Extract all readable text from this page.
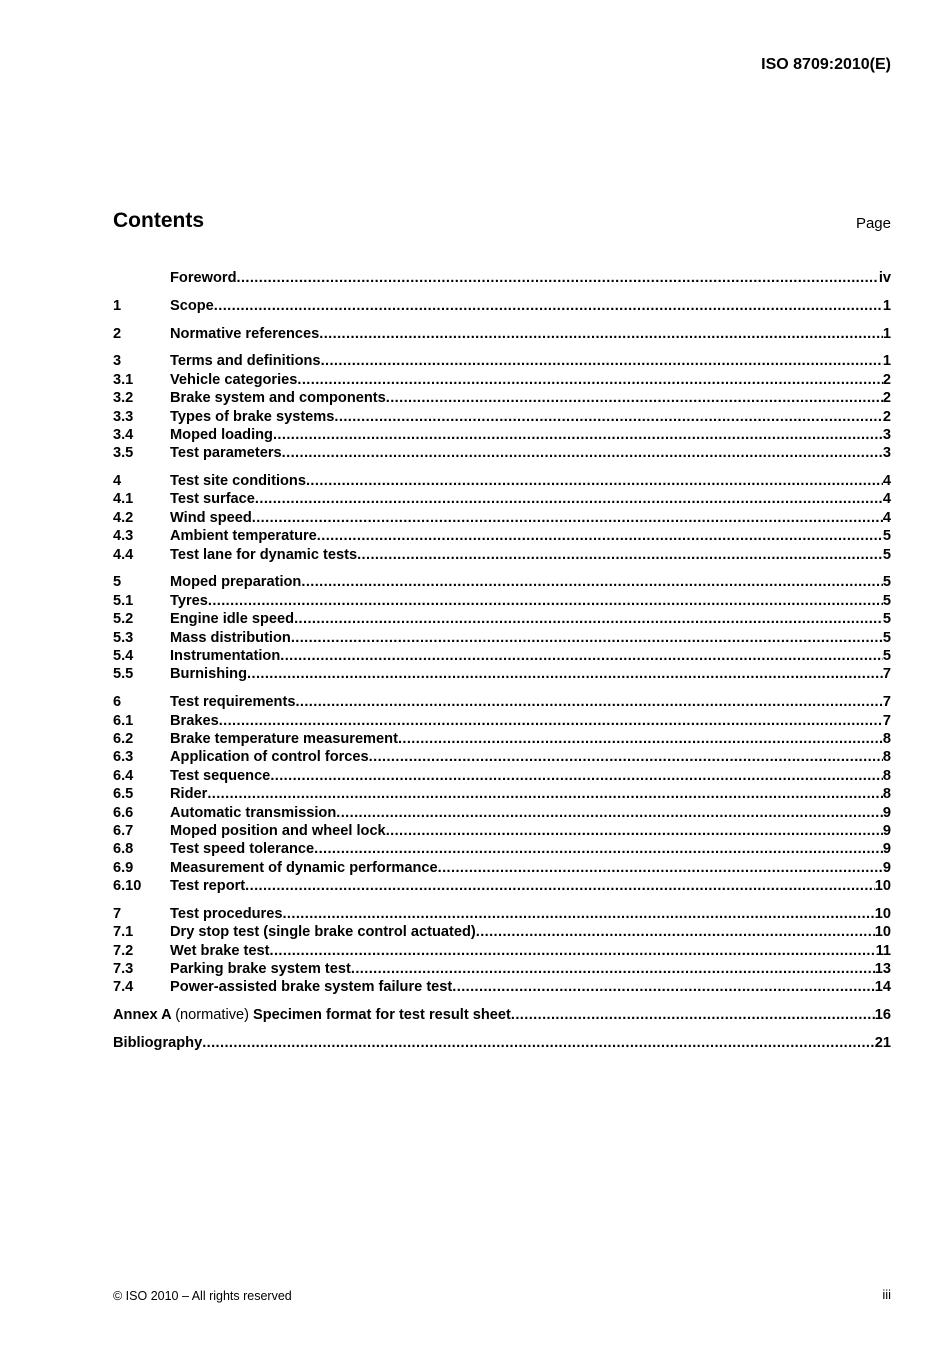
ISO 8709:2010(E)
Contents	Page
Foreword .....	iv
1	Scope .....	1
2	Normative references .....	1
3	Terms and definitions .....	1
3.1	Vehicle categories .....	2
3.2	Brake system and components .....	2
3.3	Types of brake systems .....	2
3.4	Moped loading .....	3
3.5	Test parameters .....	3
4	Test site conditions .....	4
4.1	Test surface .....	4
4.2	Wind speed .....	4
4.3	Ambient temperature .....	5
4.4	Test lane for dynamic tests .....	5
5	Moped preparation .....	5
5.1	Tyres .....	5
5.2	Engine idle speed .....	5
5.3	Mass distribution .....	5
5.4	Instrumentation .....	5
5.5	Burnishing .....	7
6	Test requirements .....	7
6.1	Brakes .....	7
6.2	Brake temperature measurement .....	8
6.3	Application of control forces .....	8
6.4	Test sequence .....	8
6.5	Rider .....	8
6.6	Automatic transmission .....	9
6.7	Moped position and wheel lock .....	9
6.8	Test speed tolerance .....	9
6.9	Measurement of dynamic performance .....	9
6.10	Test report .....	10
7	Test procedures .....	10
7.1	Dry stop test (single brake control actuated) .....	10
7.2	Wet brake test .....	11
7.3	Parking brake system test .....	13
7.4	Power-assisted brake system failure test .....	14
Annex A (normative) Specimen format for test result sheet .....	16
Bibliography .....	21
© ISO 2010 – All rights reserved	iii
